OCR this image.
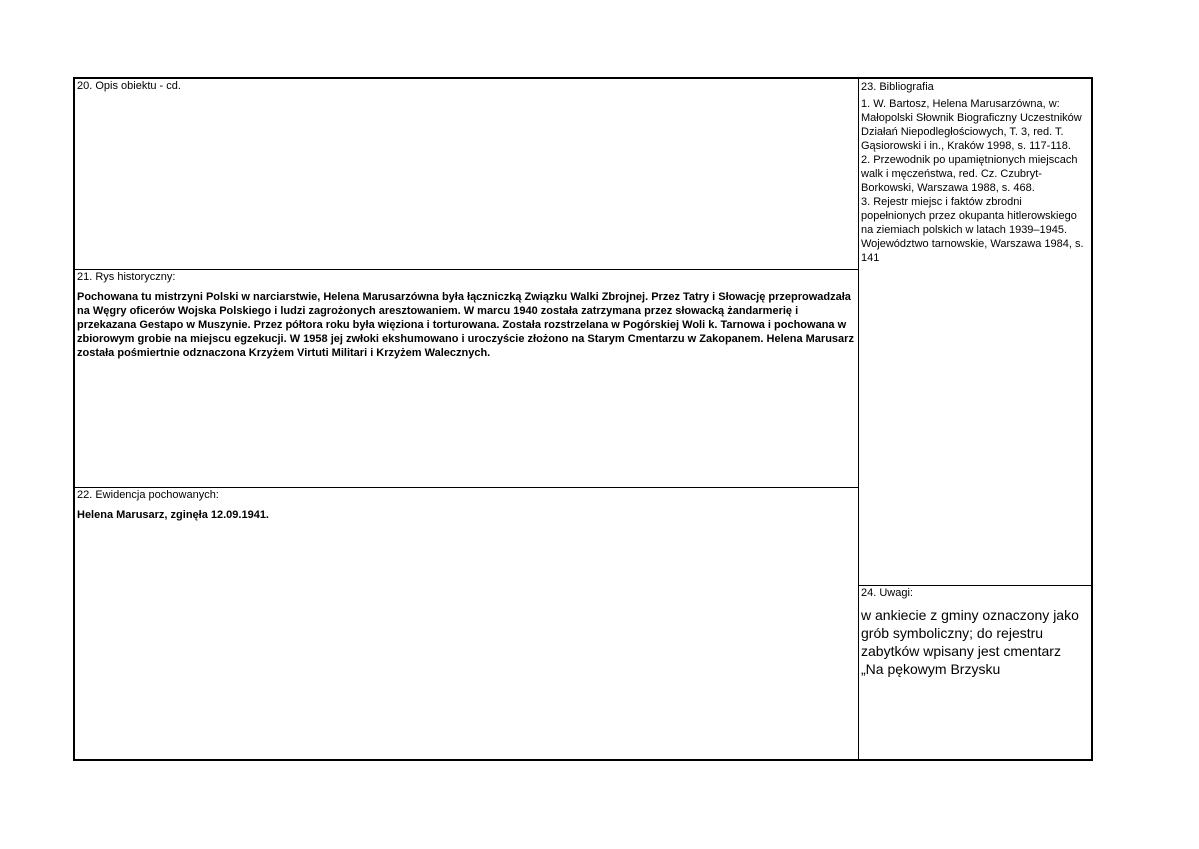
20. Opis obiektu - cd.
21. Rys historyczny:
Pochowana tu mistrzyni Polski w narciarstwie, Helena Marusarzówna była łączniczką Związku Walki Zbrojnej. Przez Tatry i Słowację przeprowadzała na Węgry oficerów Wojska Polskiego i ludzi zagrożonych aresztowaniem. W marcu 1940 została zatrzymana przez słowacką żandarmerię i przekazana Gestapo w Muszynie. Przez półtora roku była więziona i torturowana. Została rozstrzelana w Pogórskiej Woli k. Tarnowa i pochowana w zbiorowym grobie na miejscu egzekucji. W 1958 jej zwłoki ekshumowano i uroczyście złożono na Starym Cmentarzu w Zakopanem. Helena Marusarz została pośmiertnie odznaczona Krzyżem Virtuti Militari i Krzyżem Walecznych.
22. Ewidencja pochowanych:
Helena Marusarz, zginęła 12.09.1941.
23. Bibliografia
1. W. Bartosz, Helena Marusarzówna, w: Małopolski Słownik Biograficzny Uczestników Działań Niepodległościowych, T. 3, red. T. Gąsiorowski i in., Kraków 1998, s. 117-118.
2. Przewodnik po upamiętnionych miejscach walk i męczeństwa, red. Cz. Czubryt-Borkowski, Warszawa 1988, s. 468.
3. Rejestr miejsc i faktów zbrodni popełnionych przez okupanta hitlerowskiego na ziemiach polskich w latach 1939–1945. Województwo tarnowskie, Warszawa 1984, s. 141
24. Uwagi:
w ankiecie z gminy oznaczony jako grób symboliczny; do rejestru zabytków wpisany jest cmentarz „Na pękowym Brzysku
